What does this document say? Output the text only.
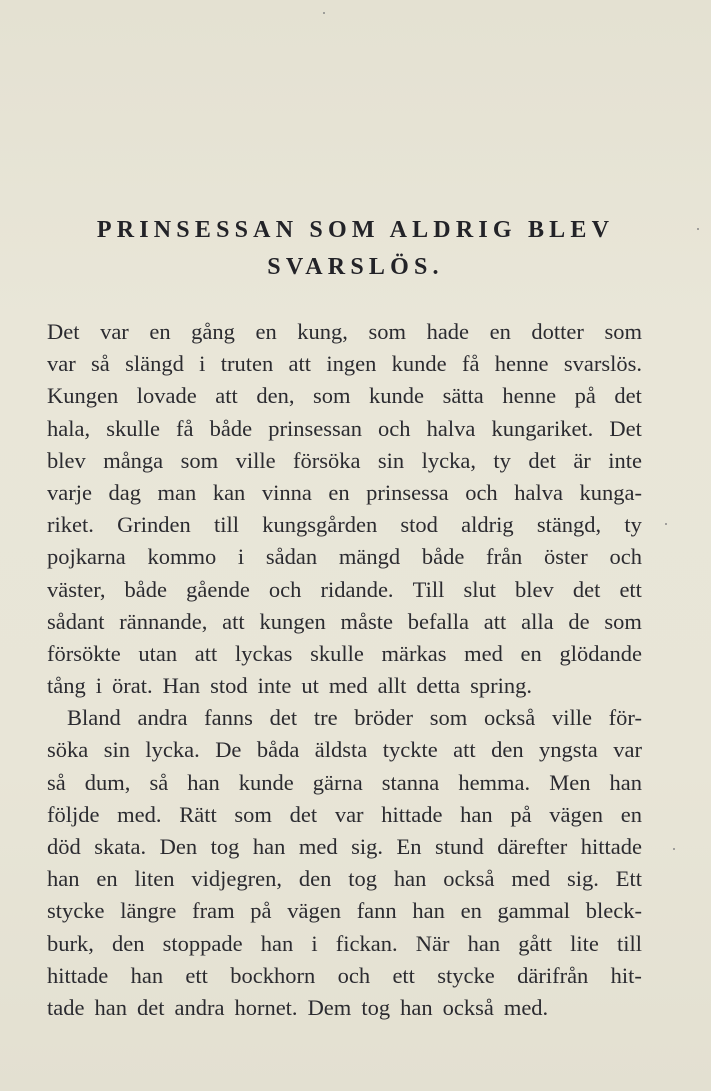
PRINSESSAN SOM ALDRIG BLEV
SVARSLÖS.
Det var en gång en kung, som hade en dotter som
var så slängd i truten att ingen kunde få henne svarslös.
Kungen lovade att den, som kunde sätta henne på det
hala, skulle få både prinsessan och halva kungariket. Det
blev många som ville försöka sin lycka, ty det är inte
varje dag man kan vinna en prinsessa och halva kunga-
riket. Grinden till kungsgården stod aldrig stängd, ty
pojkarna kommo i sådan mängd både från öster och
väster, både gående och ridande. Till slut blev det ett
sådant rännande, att kungen måste befalla att alla de som
försökte utan att lyckas skulle märkas med en glödande
tång i örat. Han stod inte ut med allt detta spring.
Bland andra fanns det tre bröder som också ville för-
söka sin lycka. De båda äldsta tyckte att den yngsta var
så dum, så han kunde gärna stanna hemma. Men han
följde med. Rätt som det var hittade han på vägen en
död skata. Den tog han med sig. En stund därefter hittade
han en liten vidjegren, den tog han också med sig. Ett
stycke längre fram på vägen fann han en gammal bleck-
burk, den stoppade han i fickan. När han gått lite till
hittade han ett bockhorn och ett stycke därifrån hit-
tade han det andra hornet. Dem tog han också med.
